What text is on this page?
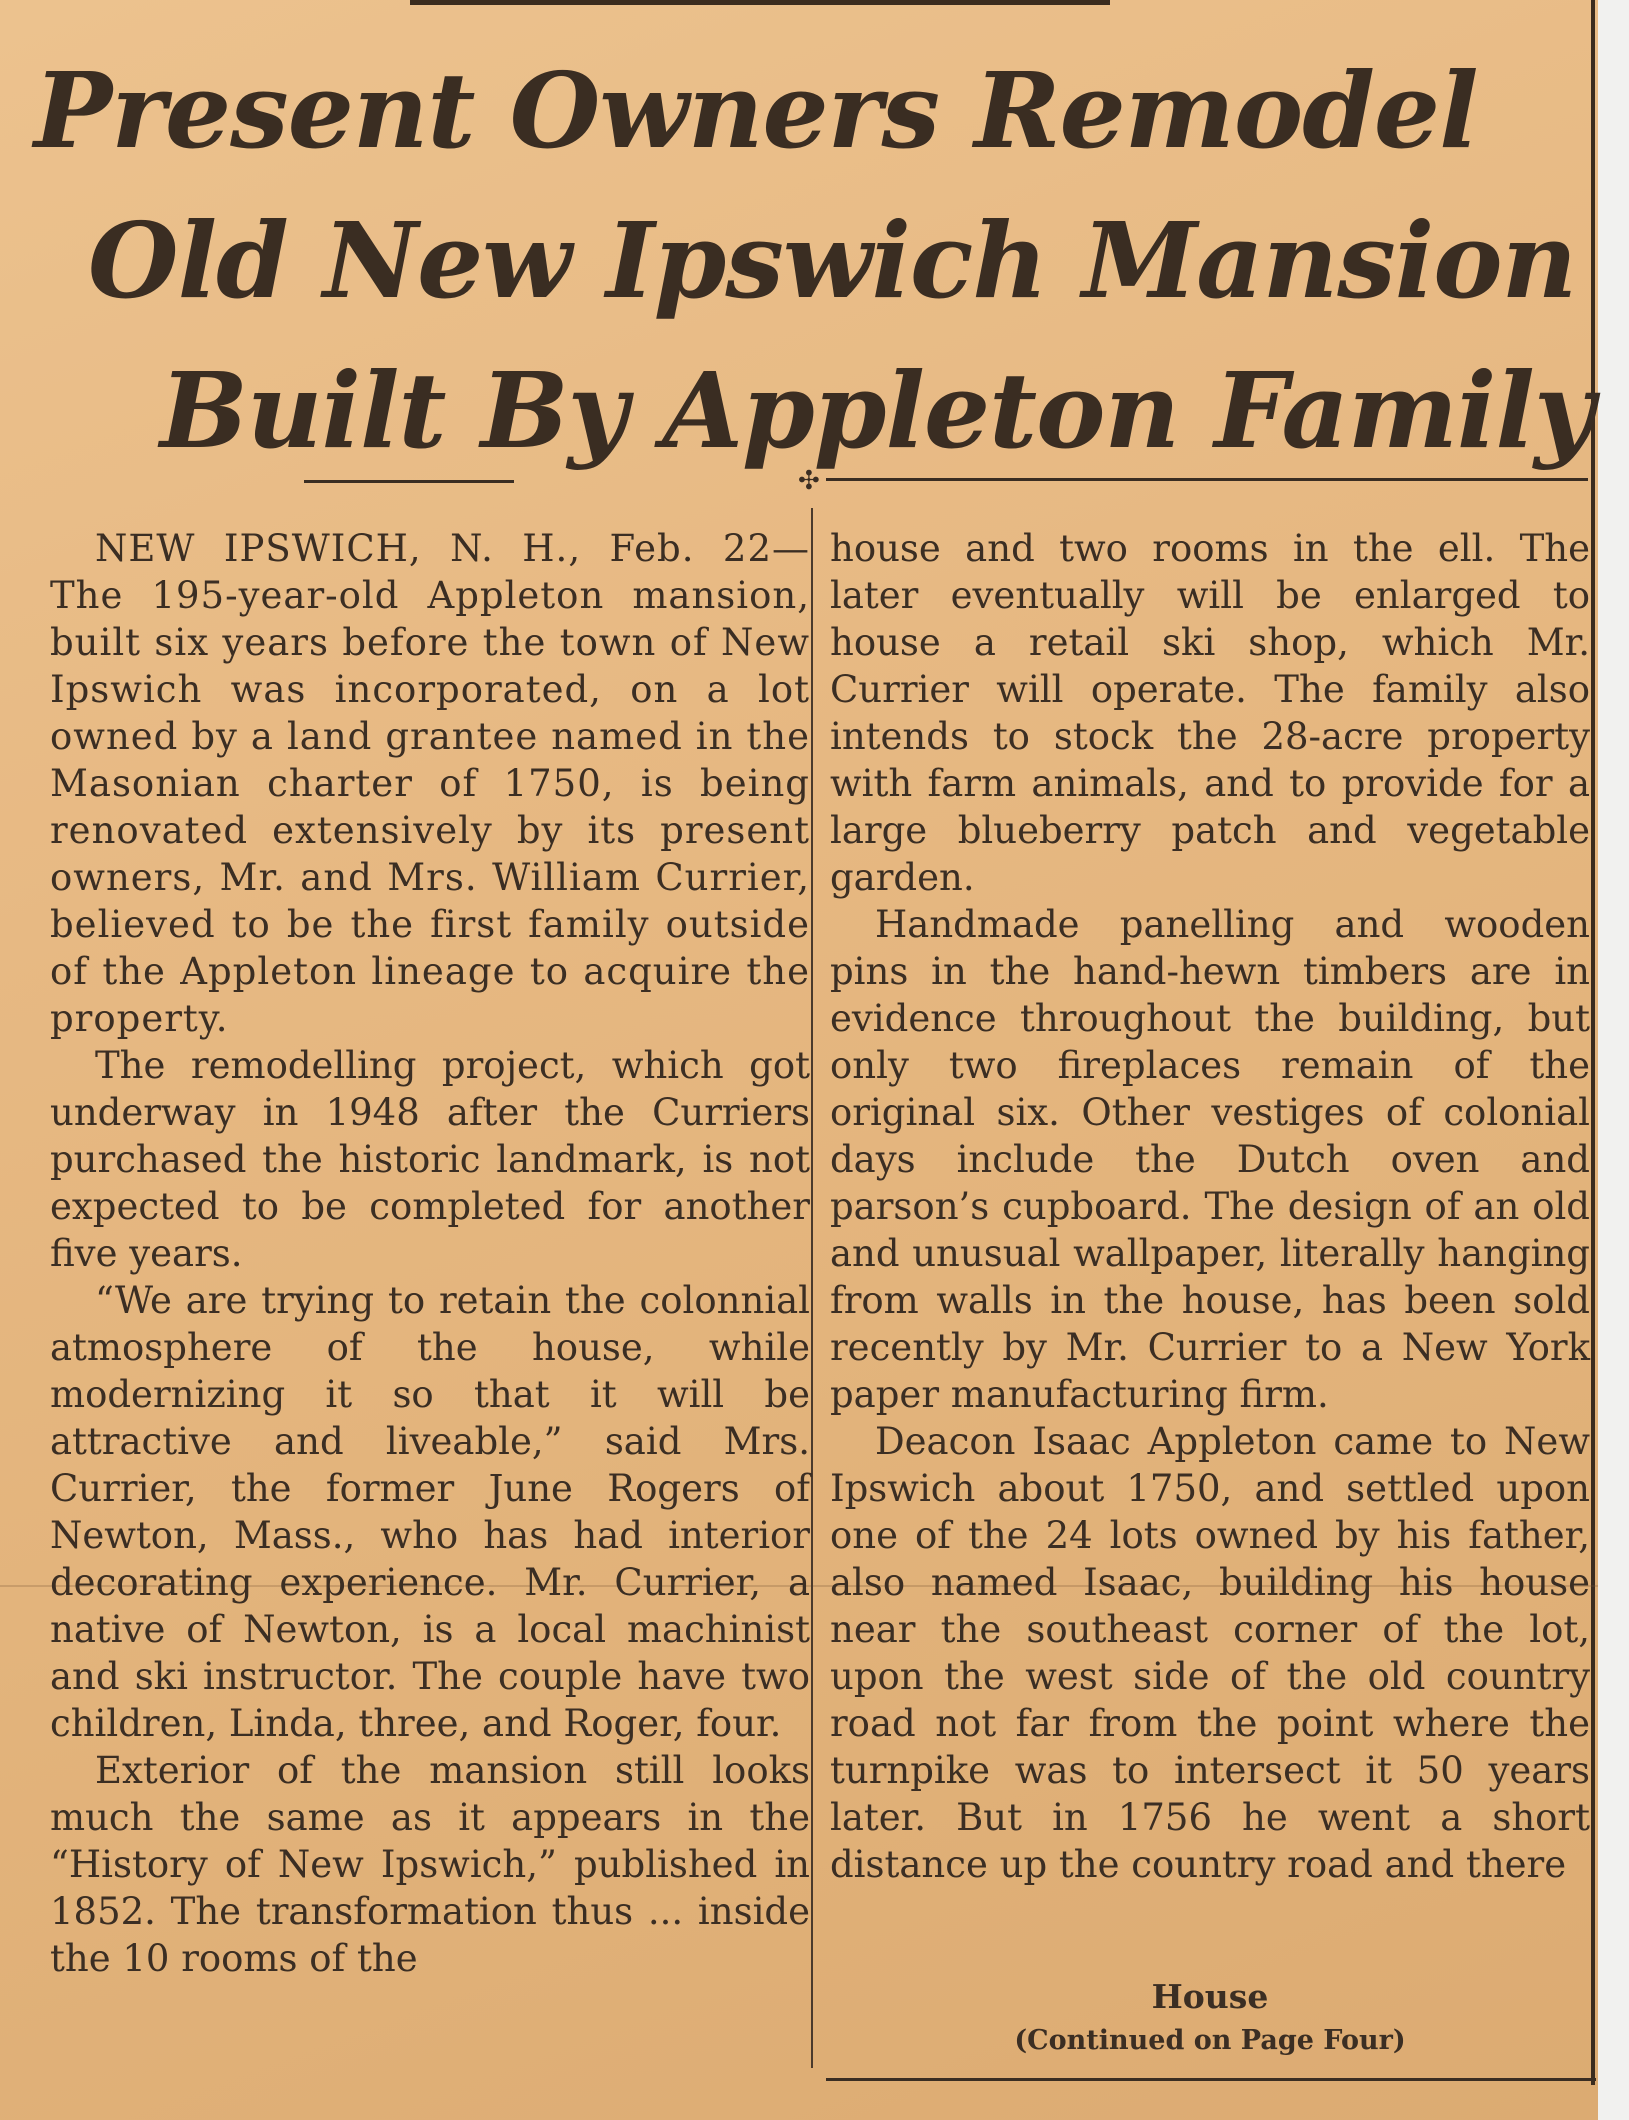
Present Owners Remodel
Old New Ipswich Mansion
Built By Appleton Family
✣

NEW IPSWICH, N. H., Feb. 22— The 195-year-old Appleton mansion, built six years before the town of New Ipswich was incorporated, on a lot owned by a land grantee named in the Masonian charter of 1750, is being renovated extensively by its present owners, Mr. and Mrs. William Currier, believed to be the first family outside of the Appleton lineage to acquire the property.

The remodelling project, which got underway in 1948 after the Curriers purchased the historic landmark, is not expected to be completed for another five years.

“We are trying to retain the colonnial atmosphere of the house, while modernizing it so that it will be attractive and liveable,” said Mrs. Currier, the former June Rogers of Newton, Mass., who has had interior decorating experience. Mr. Currier, a native of Newton, is a local machinist and ski instructor. The couple have two children, Linda, three, and Roger, four.

Exterior of the mansion still looks much the same as it appears in the “History of New Ipswich,” published in 1852. The transformation thus ... inside the 10 rooms of the

house and two rooms in the ell. The later eventually will be enlarged to house a retail ski shop, which Mr. Currier will operate. The family also intends to stock the 28-acre property with farm animals, and to provide for a large blueberry patch and vegetable garden.

Handmade panelling and wooden pins in the hand-hewn timbers are in evidence throughout the building, but only two fireplaces remain of the original six. Other vestiges of colonial days include the Dutch oven and parson’s cupboard. The design of an old and unusual wallpaper, literally hanging from walls in the house, has been sold recently by Mr. Currier to a New York paper manufacturing firm.

Deacon Isaac Appleton came to New Ipswich about 1750, and settled upon one of the 24 lots owned by his father, also named Isaac, building his house near the southeast corner of the lot, upon the west side of the old country road not far from the point where the turnpike was to intersect it 50 years later. But in 1756 he went a short distance up the country road and there

House
(Continued on Page Four)
